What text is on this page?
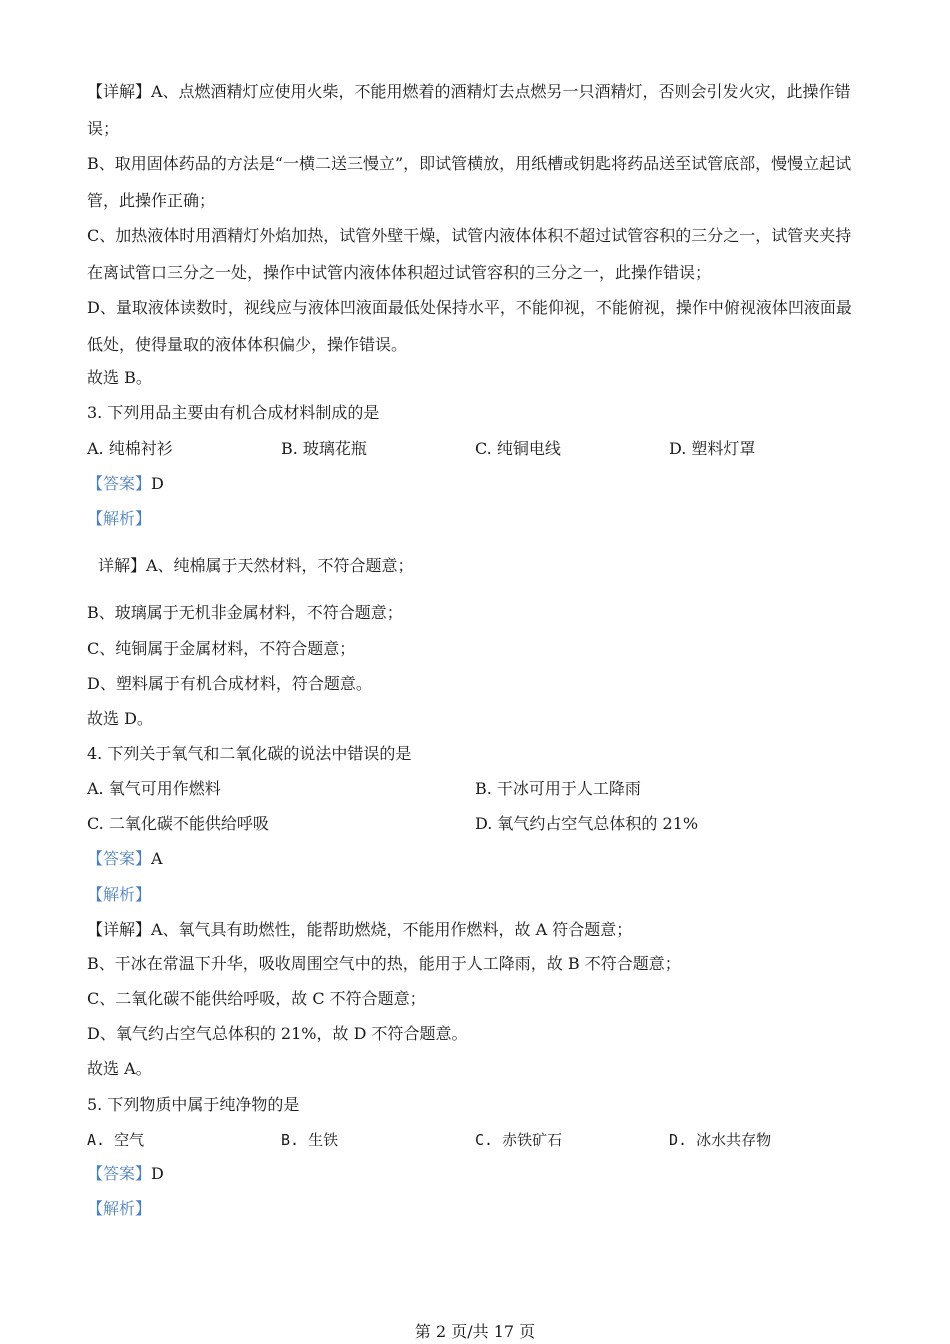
【详解】A、点燃酒精灯应使用火柴，不能用燃着的酒精灯去点燃另一只酒精灯，否则会引发火灾，此操作错误；
B、取用固体药品的方法是“一横二送三慢立”，即试管横放，用纸槽或钥匙将药品送至试管底部，慢慢立起试管，此操作正确；
C、加热液体时用酒精灯外焰加热，试管外壁干燥，试管内液体体积不超过试管容积的三分之一，试管夹夹持在离试管口三分之一处，操作中试管内液体体积超过试管容积的三分之一，此操作错误；
D、量取液体读数时，视线应与液体凹液面最低处保持水平，不能仰视，不能俯视，操作中俯视液体凹液面最低处，使得量取的液体体积偏少，操作错误。
故选 B。
3. 下列用品主要由有机合成材料制成的是
A. 纯棉衬衫	B. 玻璃花瓶	C. 纯铜电线	D. 塑料灯罩
【答案】D
【解析】
详解】A、纯棉属于天然材料，不符合题意；
B、玻璃属于无机非金属材料，不符合题意；
C、纯铜属于金属材料，不符合题意；
D、塑料属于有机合成材料，符合题意。
故选 D。
4. 下列关于氧气和二氧化碳的说法中错误的是
A. 氧气可用作燃料	B. 干冰可用于人工降雨
C. 二氧化碳不能供给呼吸	D. 氧气约占空气总体积的 21%
【答案】A
【解析】
【详解】A、氧气具有助燃性，能帮助燃烧，不能用作燃料，故 A 符合题意；
B、干冰在常温下升华，吸收周围空气中的热，能用于人工降雨，故 B 不符合题意；
C、二氧化碳不能供给呼吸，故 C 不符合题意；
D、氧气约占空气总体积的 21%，故 D 不符合题意。
故选 A。
5. 下列物质中属于纯净物的是
A. 空气	B. 生铁	C. 赤铁矿石	D. 冰水共存物
【答案】D
【解析】
第 2 页/共 17 页
